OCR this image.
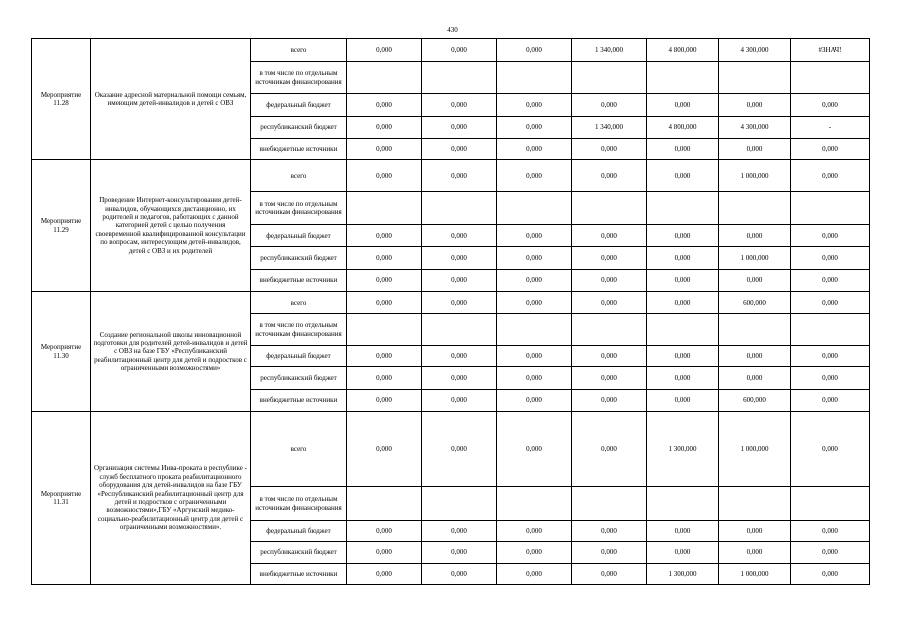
430
Мероприятие 11.28	Оказание адресной материальной помощи семьям, имеющим детей-инвалидов и детей с ОВЗ	всего	0,000	0,000	0,000	1 340,000	4 800,000	4 300,000	#ЗНАЧ!
		в том числе по отдельным источникам финансирования							
		федеральный бюджет	0,000	0,000	0,000	0,000	0,000	0,000	0,000
		республиканский бюджет	0,000	0,000	0,000	1 340,000	4 800,000	4 300,000	-
		внебюджетные источники	0,000	0,000	0,000	0,000	0,000	0,000	0,000
Мероприятие 11.29	Проведение Интернет-консультирования детей-инвалидов, обучающихся дистанционно, их родителей и педагогов, работающих с данной категорией детей с целью получения своевременной квалифицированной консультации по вопросам, интересующим детей-инвалидов, детей с ОВЗ и их родителей	всего	0,000	0,000	0,000	0,000	0,000	1 000,000	0,000
		в том числе по отдельным источникам финансирования							
		федеральный бюджет	0,000	0,000	0,000	0,000	0,000	0,000	0,000
		республиканский бюджет	0,000	0,000	0,000	0,000	0,000	1 000,000	0,000
		внебюджетные источники	0,000	0,000	0,000	0,000	0,000	0,000	0,000
Мероприятие 11.30	Создание региональной школы инновационной подготовки для родителей детей-инвалидов и детей с ОВЗ на базе ГБУ «Республиканский реабилитационный центр для детей и подростков с ограниченными возможностями»	всего	0,000	0,000	0,000	0,000	0,000	600,000	0,000
		в том числе по отдельным источникам финансирования							
		федеральный бюджет	0,000	0,000	0,000	0,000	0,000	0,000	0,000
		республиканский бюджет	0,000	0,000	0,000	0,000	0,000	0,000	0,000
		внебюджетные источники	0,000	0,000	0,000	0,000	0,000	600,000	0,000
Мероприятие 11.31	Организация системы Инва-проката в республике - служб бесплатного проката реабилитационного оборудования для детей-инвалидов на базе ГБУ «Республиканский реабилитационный центр для детей и подростков с ограниченными возможностями»,ГБУ «Аргунский медико-социально-реабилитационный центр для детей с ограниченными возможностями».	всего	0,000	0,000	0,000	0,000	1 300,000	1 000,000	0,000
		в том числе по отдельным источникам финансирования							
		федеральный бюджет	0,000	0,000	0,000	0,000	0,000	0,000	0,000
		республиканский бюджет	0,000	0,000	0,000	0,000	0,000	0,000	0,000
		внебюджетные источники	0,000	0,000	0,000	0,000	1 300,000	1 000,000	0,000
